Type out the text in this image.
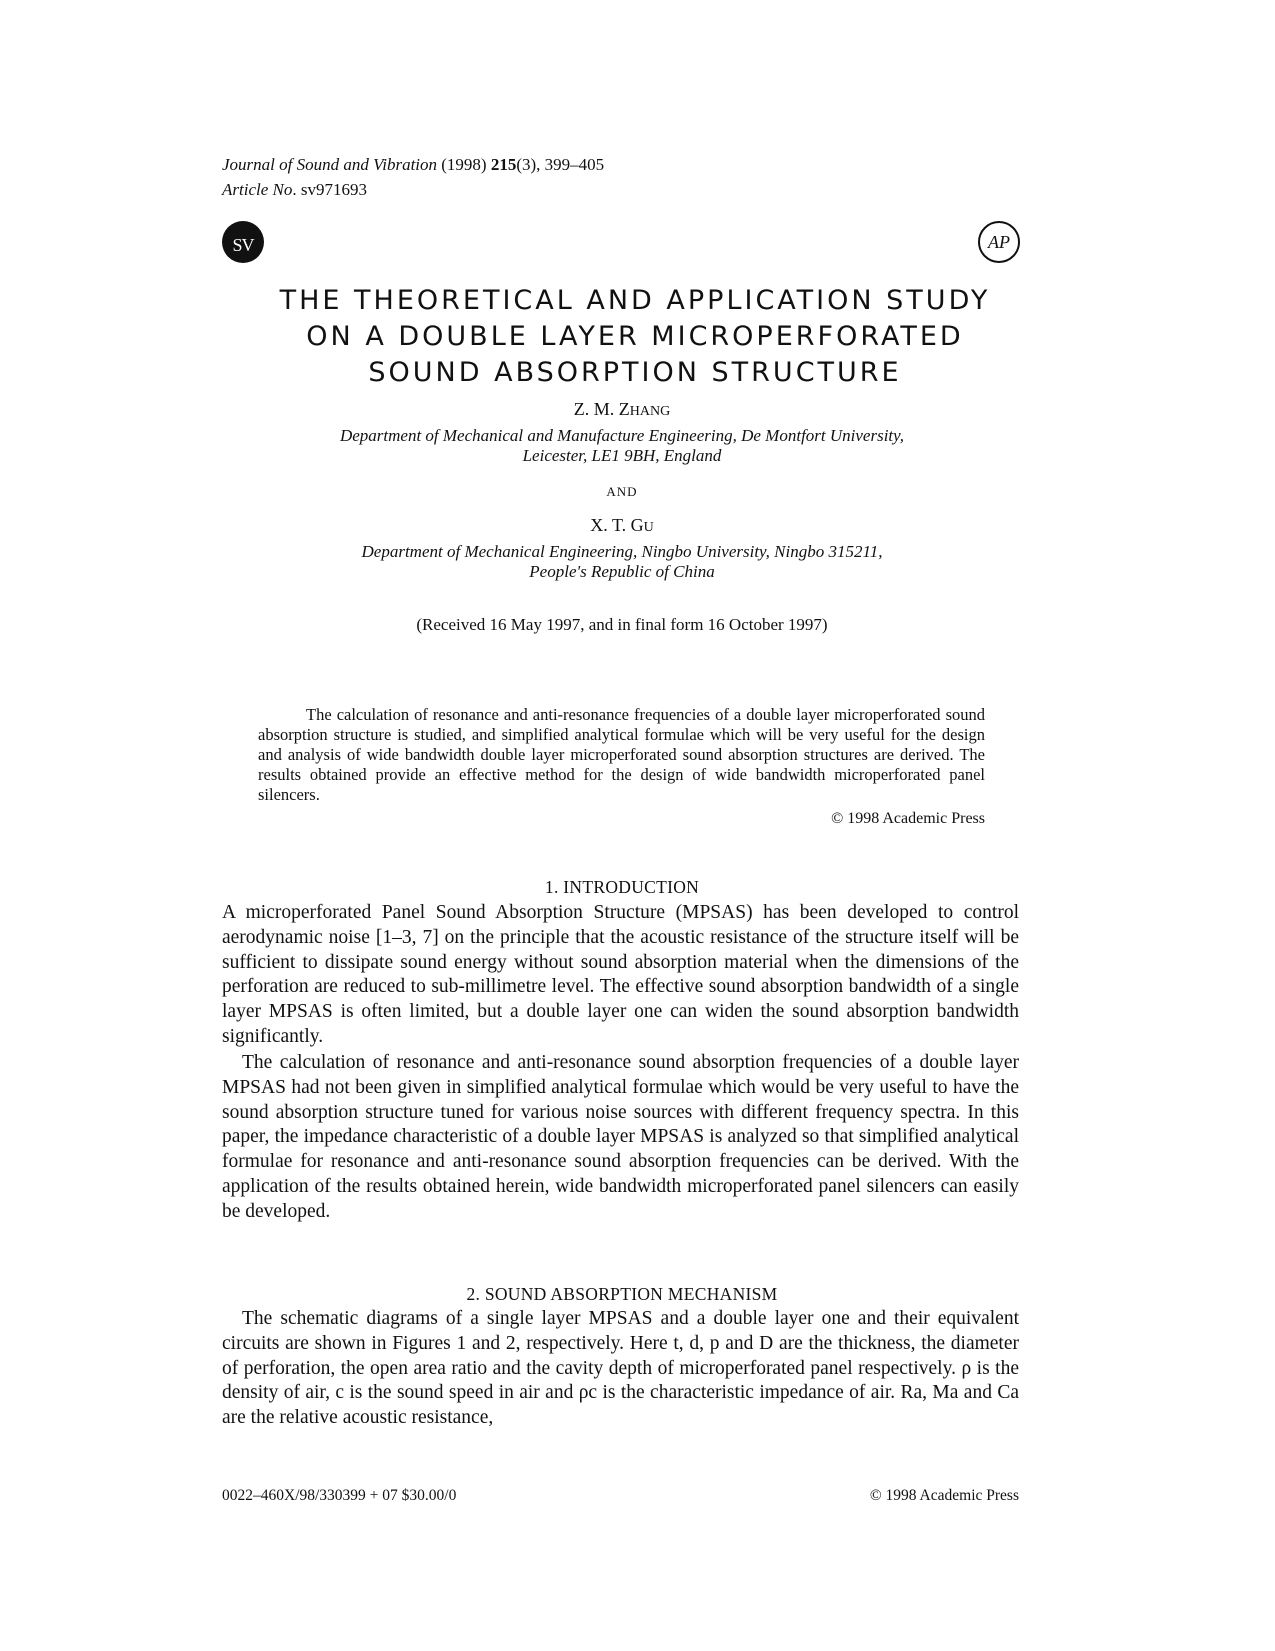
Journal of Sound and Vibration (1998) 215(3), 399–405
Article No. sv971693
J
SV	AP
THE THEORETICAL AND APPLICATION STUDY
ON A DOUBLE LAYER MICROPERFORATED
SOUND ABSORPTION STRUCTURE
Z. M. ZHANG
Department of Mechanical and Manufacture Engineering, De Montfort University,
Leicester, LE1 9BH, England
AND
X. T. GU
Department of Mechanical Engineering, Ningbo University, Ningbo 315211,
People's Republic of China
(Received 16 May 1997, and in final form 16 October 1997)
The calculation of resonance and anti-resonance frequencies of a double layer microperforated sound absorption structure is studied, and simplified analytical formulae which will be very useful for the design and analysis of wide bandwidth double layer microperforated sound absorption structures are derived. The results obtained provide an effective method for the design of wide bandwidth microperforated panel silencers.
© 1998 Academic Press
1. INTRODUCTION
A microperforated Panel Sound Absorption Structure (MPSAS) has been developed to control aerodynamic noise [1–3, 7] on the principle that the acoustic resistance of the structure itself will be sufficient to dissipate sound energy without sound absorption material when the dimensions of the perforation are reduced to sub-millimetre level. The effective sound absorption bandwidth of a single layer MPSAS is often limited, but a double layer one can widen the sound absorption bandwidth significantly.
The calculation of resonance and anti-resonance sound absorption frequencies of a double layer MPSAS had not been given in simplified analytical formulae which would be very useful to have the sound absorption structure tuned for various noise sources with different frequency spectra. In this paper, the impedance characteristic of a double layer MPSAS is analyzed so that simplified analytical formulae for resonance and anti-resonance sound absorption frequencies can be derived. With the application of the results obtained herein, wide bandwidth microperforated panel silencers can easily be developed.
2. SOUND ABSORPTION MECHANISM
The schematic diagrams of a single layer MPSAS and a double layer one and their equivalent circuits are shown in Figures 1 and 2, respectively. Here t, d, p and D are the thickness, the diameter of perforation, the open area ratio and the cavity depth of microperforated panel respectively. ρ is the density of air, c is the sound speed in air and ρc is the characteristic impedance of air. Ra, Ma and Ca are the relative acoustic resistance,
0022–460X/98/330399 + 07 $30.00/0	© 1998 Academic Press
